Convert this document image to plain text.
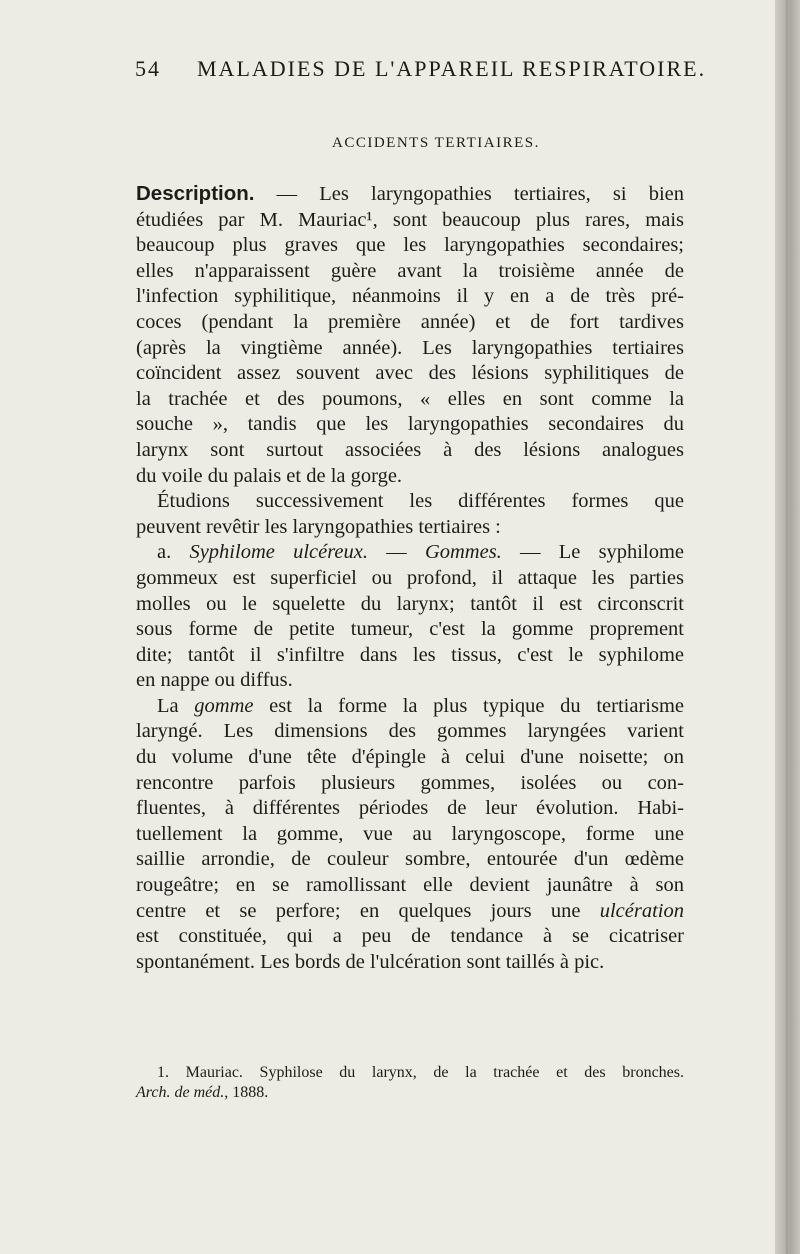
54 MALADIES DE L'APPAREIL RESPIRATOIRE.
ACCIDENTS TERTIAIRES.
Description. — Les laryngopathies tertiaires, si bien
étudiées par M. Mauriac¹, sont beaucoup plus rares, mais
beaucoup plus graves que les laryngopathies secondaires;
elles n'apparaissent guère avant la troisième année de
l'infection syphilitique, néanmoins il y en a de très pré-
coces (pendant la première année) et de fort tardives
(après la vingtième année). Les laryngopathies tertiaires
coïncident assez souvent avec des lésions syphilitiques de
la trachée et des poumons, « elles en sont comme la
souche », tandis que les laryngopathies secondaires du
larynx sont surtout associées à des lésions analogues
du voile du palais et de la gorge.
Étudions successivement les différentes formes que
peuvent revêtir les laryngopathies tertiaires :
a. Syphilome ulcéreux. — Gommes. — Le syphilome
gommeux est superficiel ou profond, il attaque les parties
molles ou le squelette du larynx; tantôt il est circonscrit
sous forme de petite tumeur, c'est la gomme proprement
dite; tantôt il s'infiltre dans les tissus, c'est le syphilome
en nappe ou diffus.
La gomme est la forme la plus typique du tertiarisme
laryngé. Les dimensions des gommes laryngées varient
du volume d'une tête d'épingle à celui d'une noisette; on
rencontre parfois plusieurs gommes, isolées ou con-
fluentes, à différentes périodes de leur évolution. Habi-
tuellement la gomme, vue au laryngoscope, forme une
saillie arrondie, de couleur sombre, entourée d'un œdème
rougeâtre; en se ramollissant elle devient jaunâtre à son
centre et se perfore; en quelques jours une ulcération
est constituée, qui a peu de tendance à se cicatriser
spontanément. Les bords de l'ulcération sont taillés à pic.
1. Mauriac. Syphilose du larynx, de la trachée et des bronches.
Arch. de méd., 1888.
